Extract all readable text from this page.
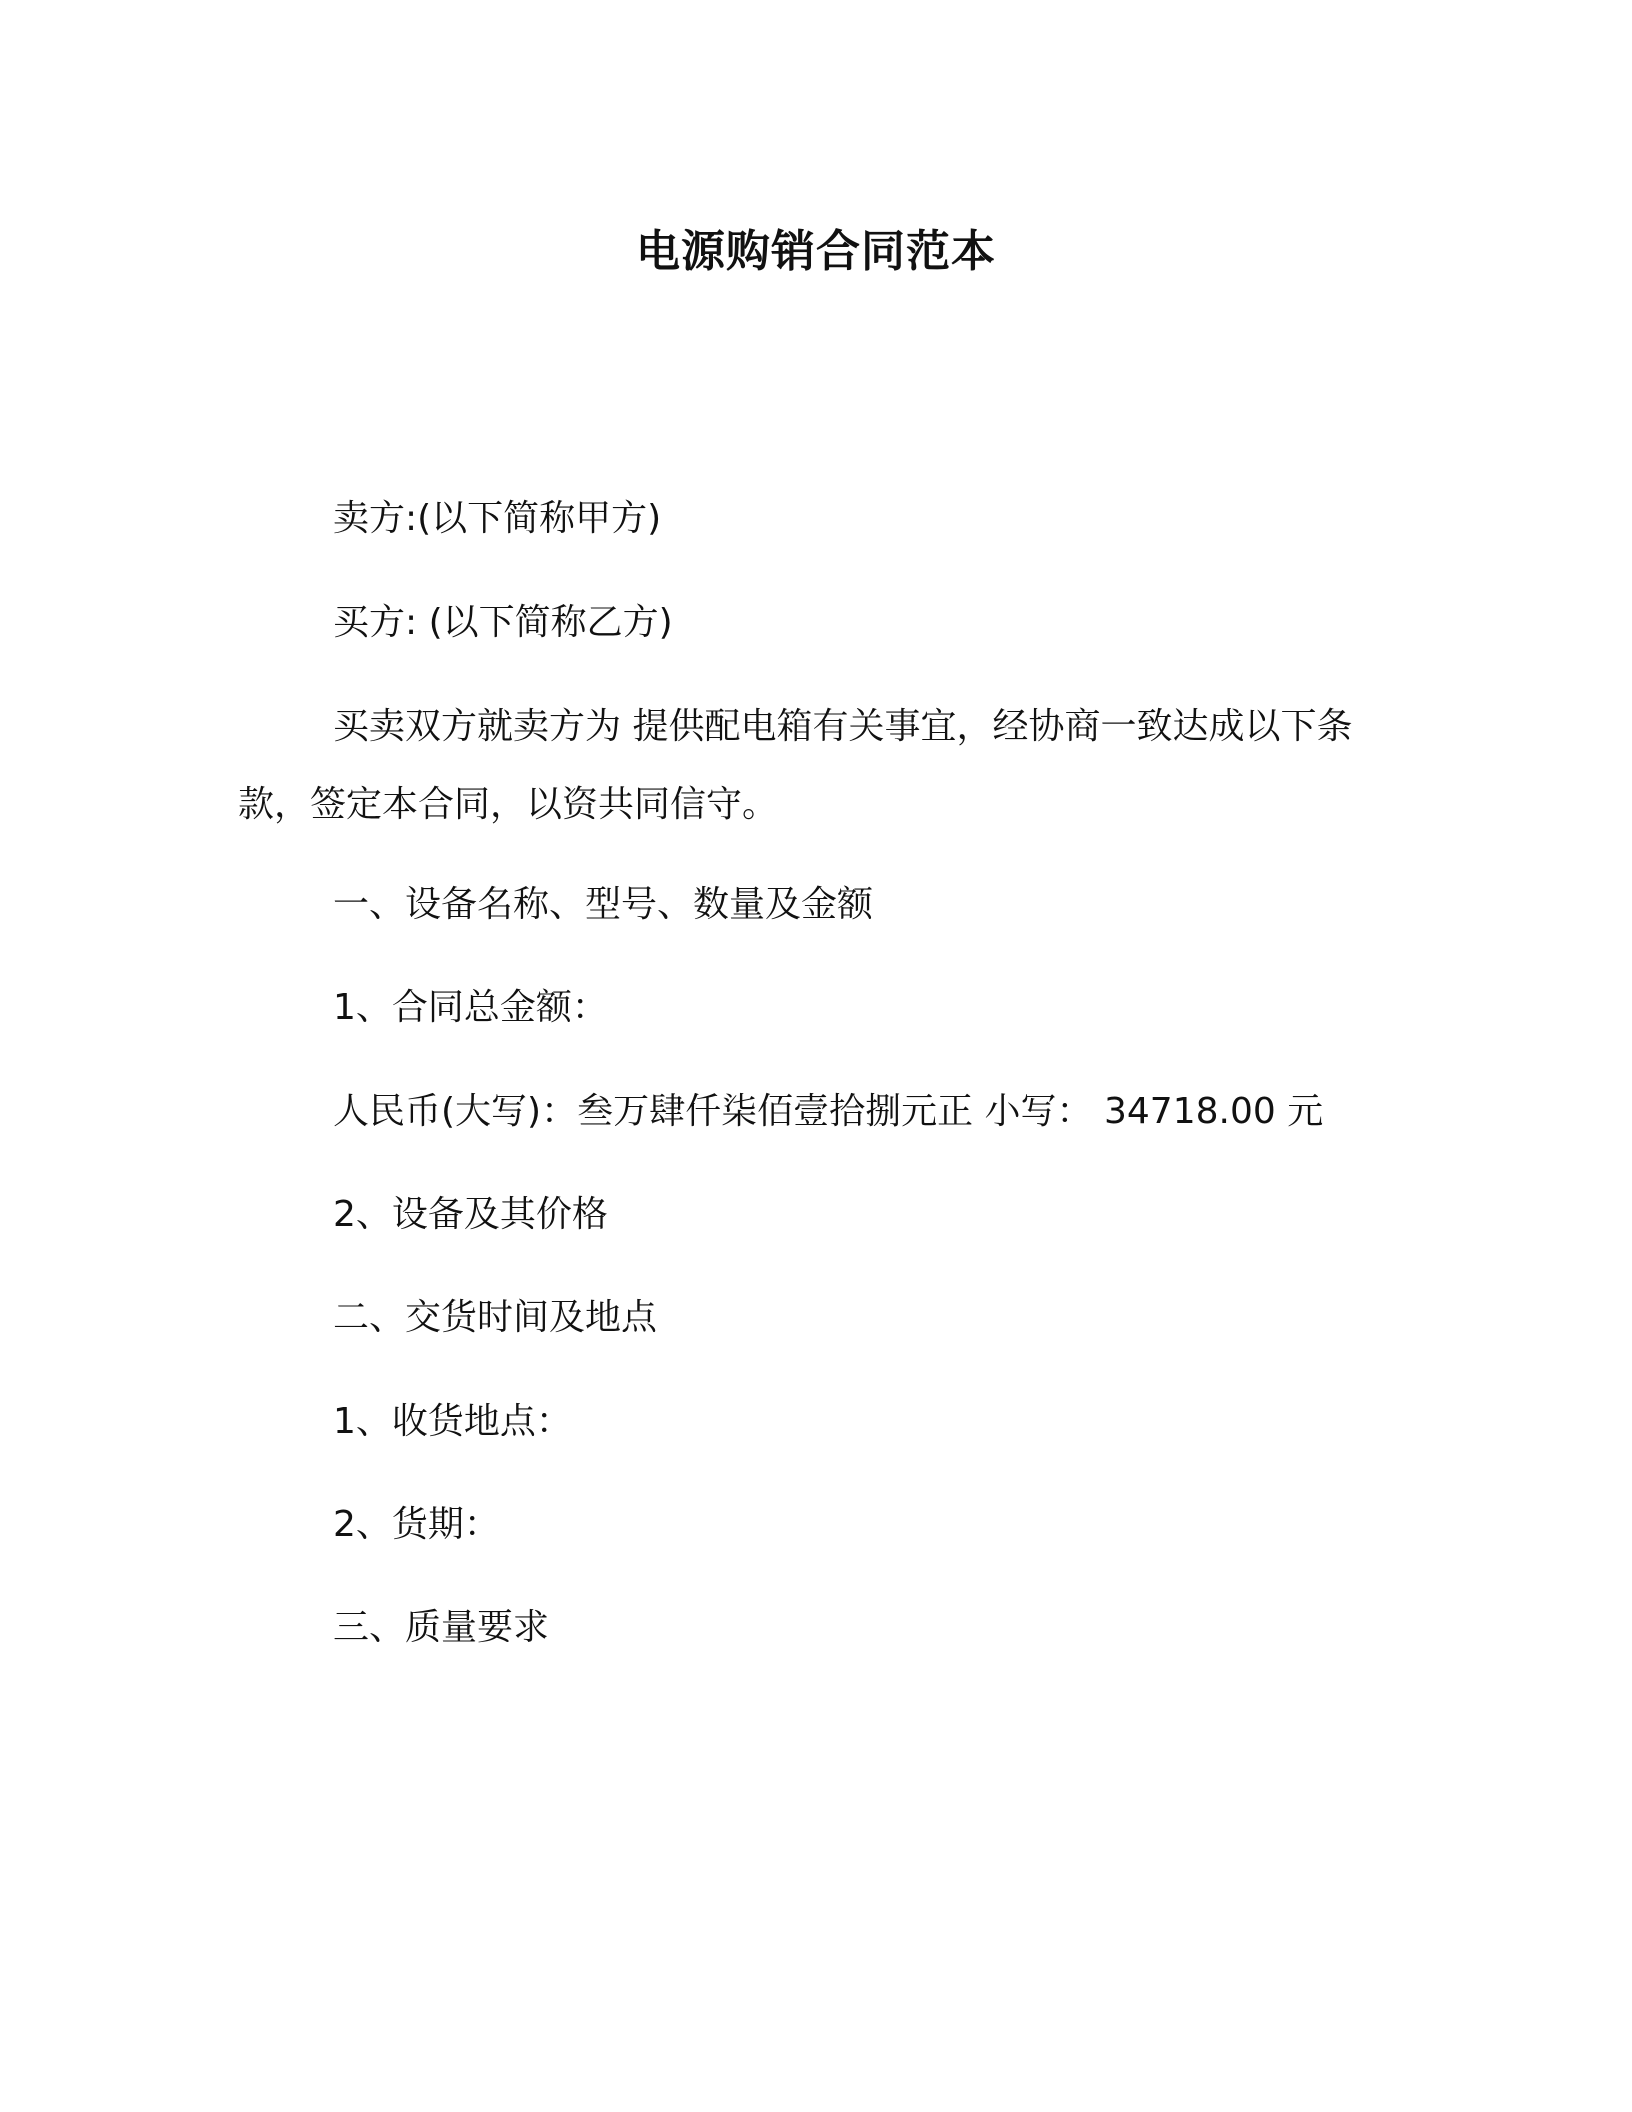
电源购销合同范本
卖方:(以下简称甲方)
买方: (以下简称乙方)
买卖双方就卖方为 提供配电箱有关事宜，经协商一致达成以下条款，签定本合同，以资共同信守。
一、设备名称、型号、数量及金额
1、合同总金额：
人民币(大写)：叁万肆仟柒佰壹拾捌元正 小写： 34718.00 元
2、设备及其价格
二、交货时间及地点
1、收货地点：
2、货期：
三、质量要求
